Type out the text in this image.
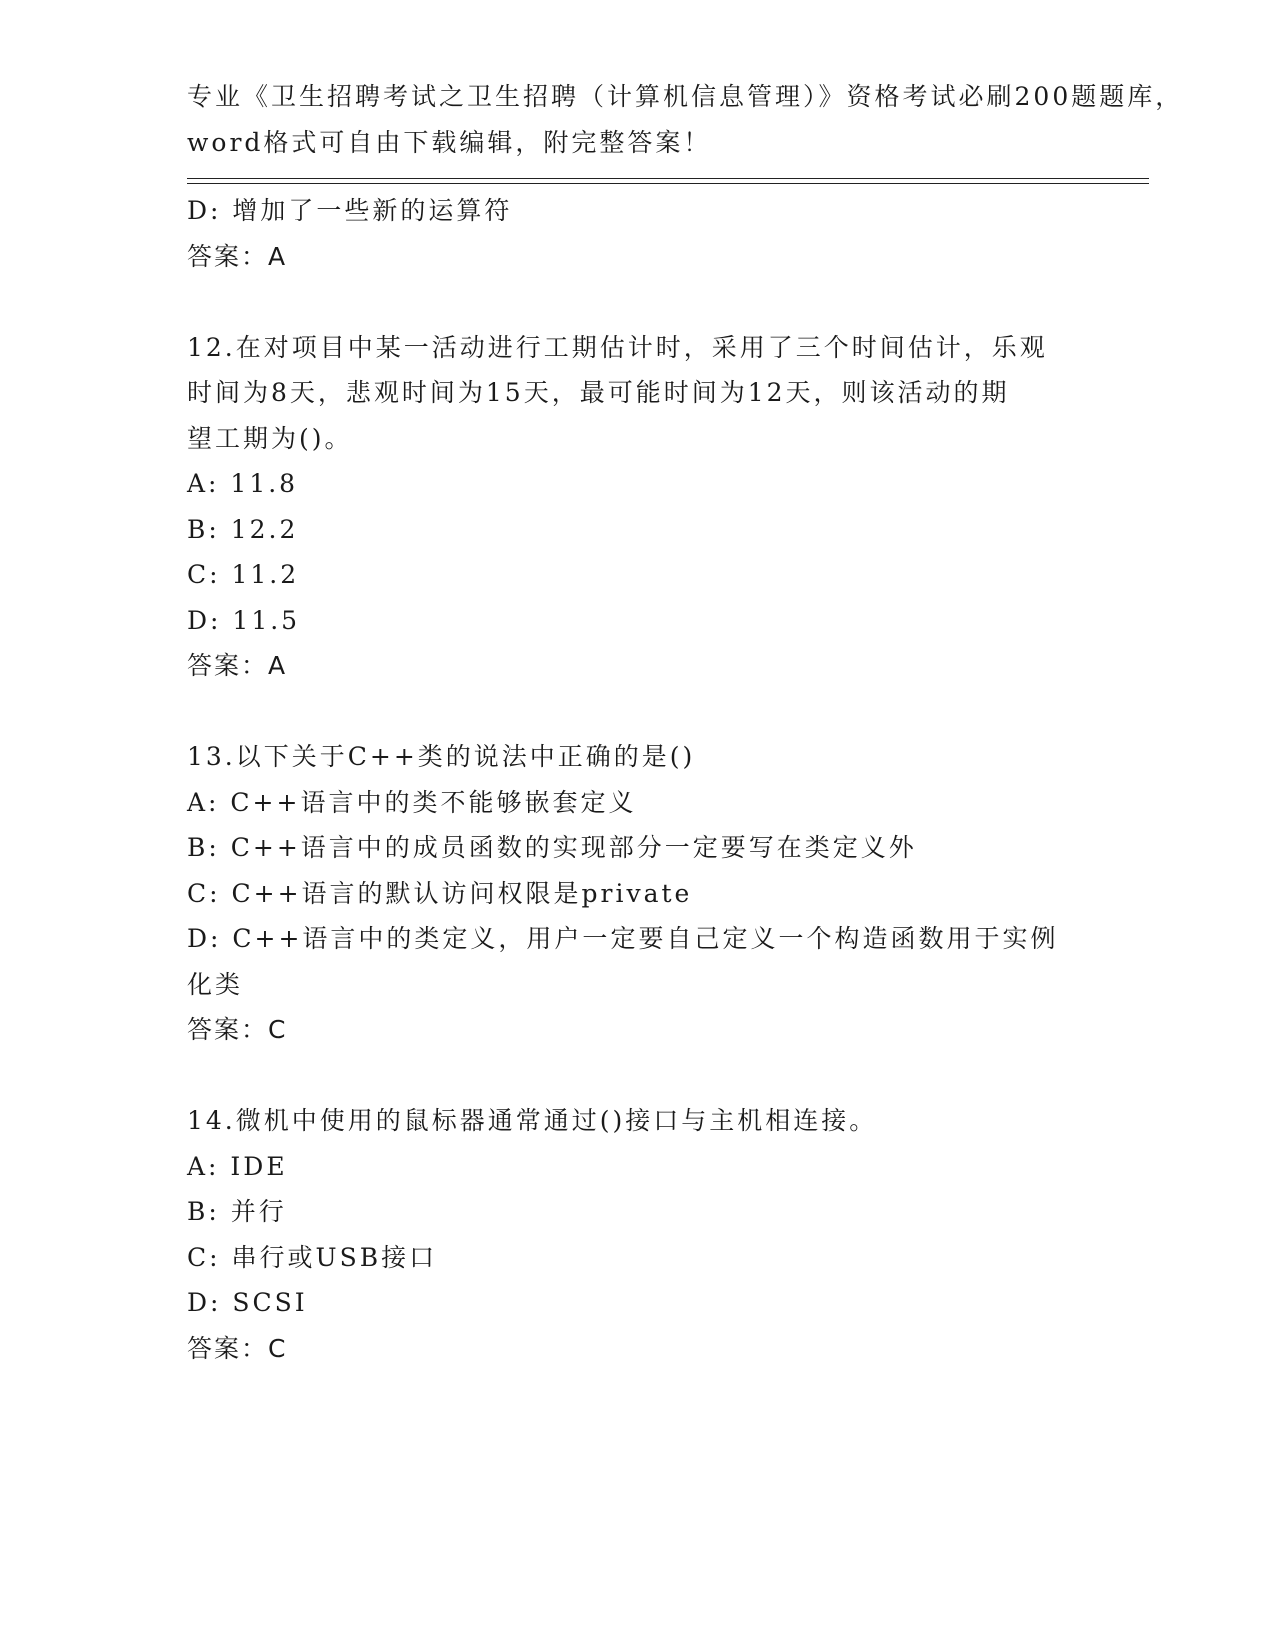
专业《卫生招聘考试之卫生招聘（计算机信息管理）》资格考试必刷200题题库，
word格式可自由下载编辑，附完整答案！
D: 增加了一些新的运算符
答案：A
12.在对项目中某一活动进行工期估计时，采用了三个时间估计，乐观
时间为8天，悲观时间为15天，最可能时间为12天，则该活动的期
望工期为()。
A: 11.8
B: 12.2
C: 11.2
D: 11.5
答案：A
13.以下关于C++类的说法中正确的是()
A: C++语言中的类不能够嵌套定义
B: C++语言中的成员函数的实现部分一定要写在类定义外
C: C++语言的默认访问权限是private
D: C++语言中的类定义，用户一定要自己定义一个构造函数用于实例
化类
答案：C
14.微机中使用的鼠标器通常通过()接口与主机相连接。
A: IDE
B: 并行
C: 串行或USB接口
D: SCSI
答案：C
